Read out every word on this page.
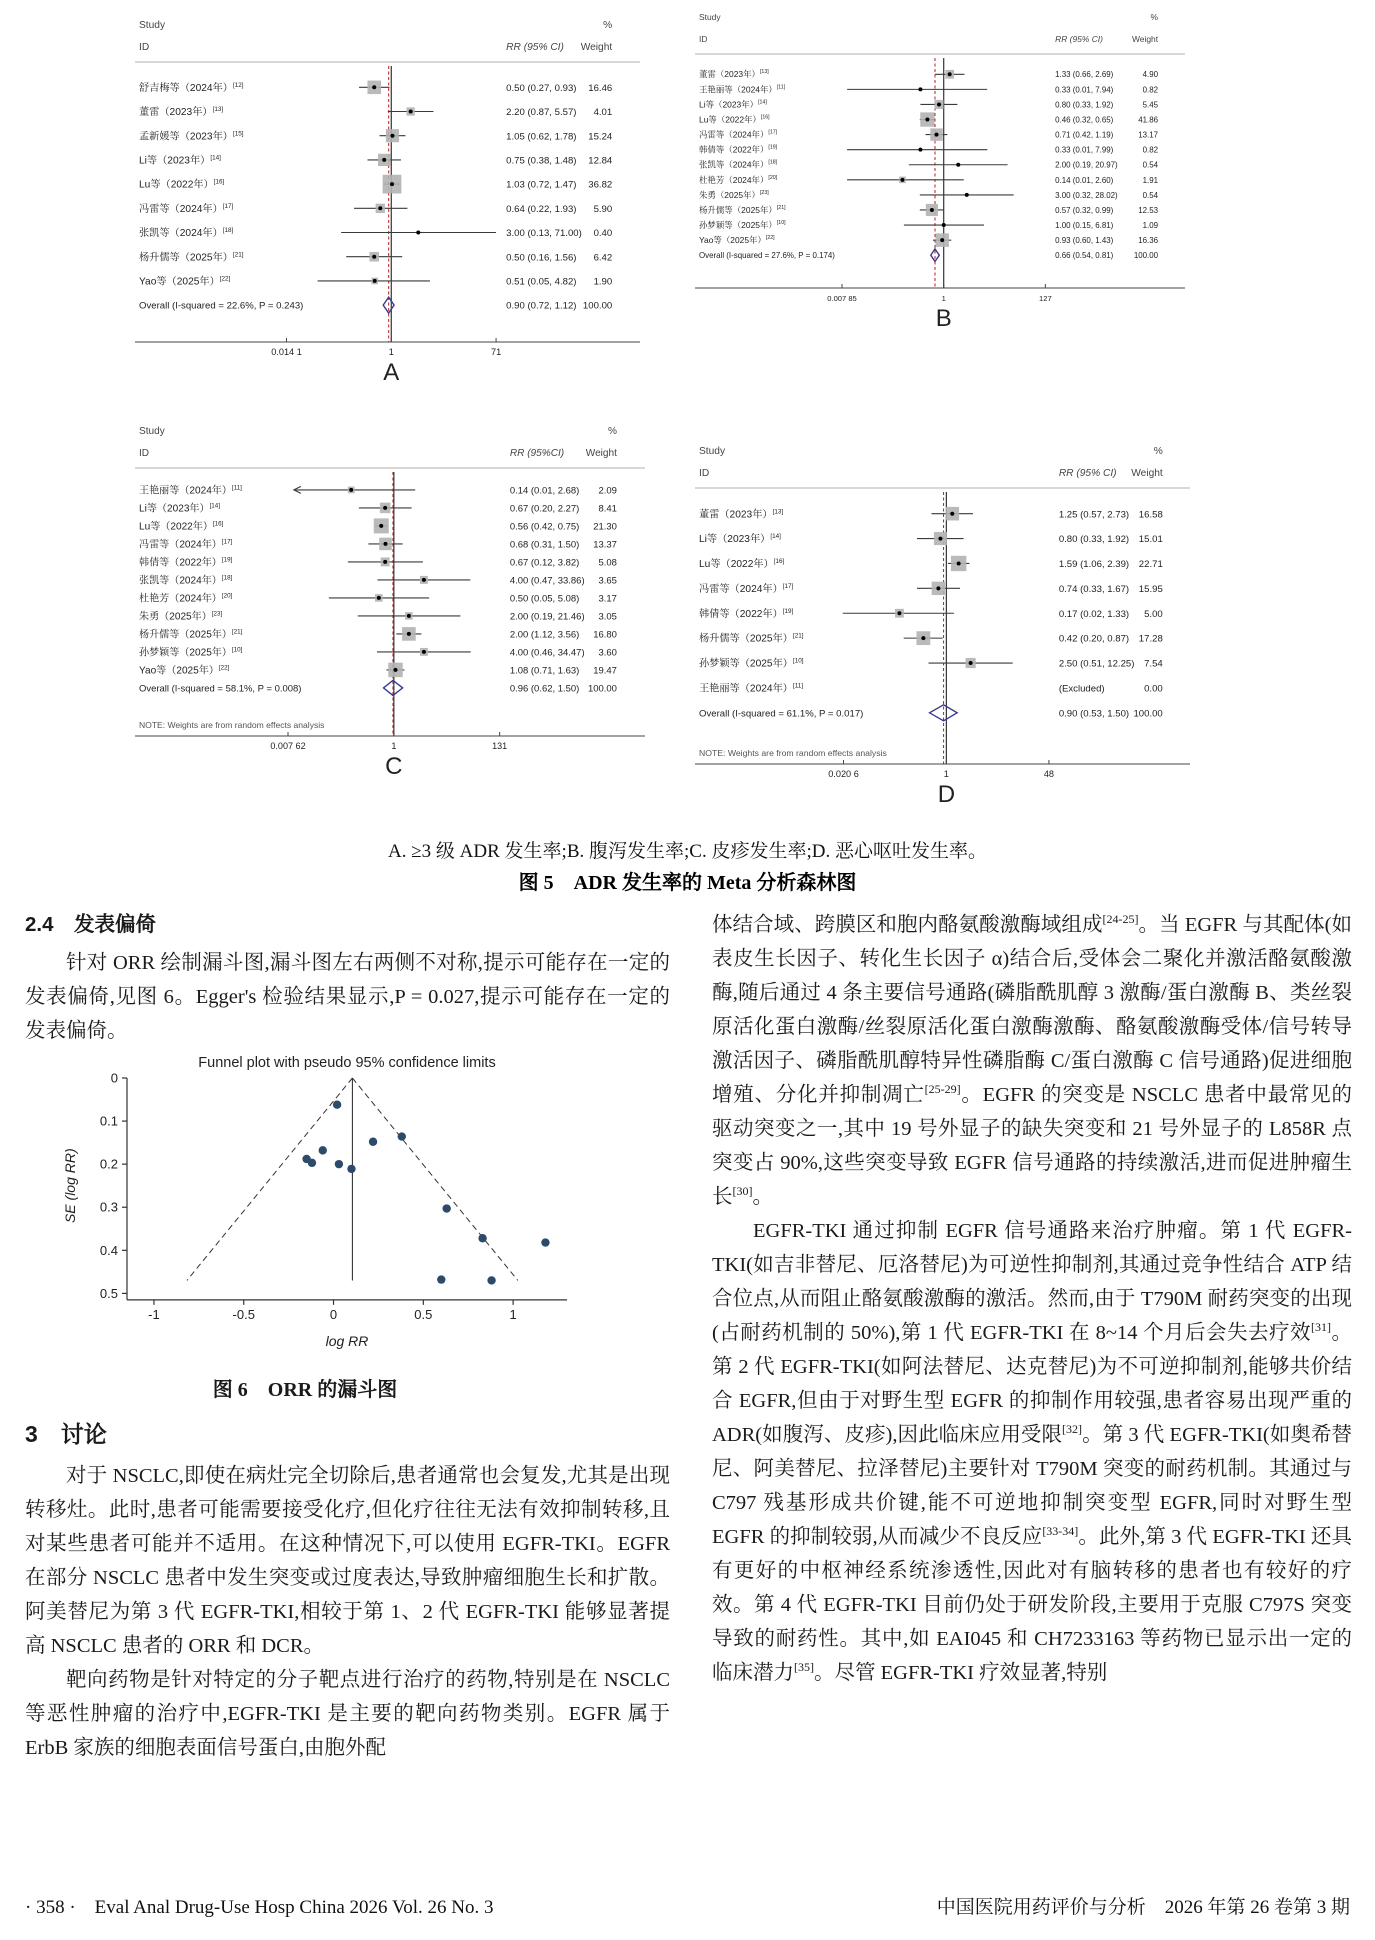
Study
ID	RR (95% CI)
%
Weight
舒吉梅等（2024年）[12]	0.50 (0.27, 0.93) 16.46
董雷（2023年）[13]	2.20 (0.87, 5.57) 4.01
孟新媛等（2023年）[15]	1.05 (0.62, 1.78) 15.24
Li等（2023年）[14]	0.75 (0.38, 1.48) 12.84
Lu等（2022年）[16]	1.03 (0.72, 1.47) 36.82
冯雷等（2024年）[17]	0.64 (0.22, 1.93) 5.90
张凯等（2024年）[18]	3.00 (0.13, 71.00) 0.40
杨升儒等（2025年）[21]	0.50 (0.16, 1.56) 6.42
Yao等（2025年）[22]	0.51 (0.05, 4.82) 1.90
Overall (I-squared = 22.6%, P = 0.243)	0.90 (0.72, 1.12) 100.00
0.014 1	1	71
A
Study
ID	RR (95% CI)
%
Weight
董雷（2023年）[13]	1.33 (0.66, 2.69)	4.90
王艳丽等（2024年）[11]	0.33 (0.01, 7.94)	0.82
Li等（2023年）[14]	0.80 (0.33, 1.92)	5.45
Lu等（2022年）[16]	0.46 (0.32, 0.65)	41.86
冯雷等（2024年）[17]	0.71 (0.42, 1.19)	13.17
韩倩等（2022年）[19]	0.33 (0.01, 7.99)	0.82
张凯等（2024年）[18]	2.00 (0.19, 20.97)	0.54
杜艳芳（2024年）[20]	0.14 (0.01, 2.60)	1.91
朱勇（2025年）[23]	3.00 (0.32, 28.02)	0.54
杨升儒等（2025年）[21]	0.57 (0.32, 0.99)	12.53
孙梦颖等（2025年）[10]	1.00 (0.15, 6.81)	1.09
Yao等（2025年）[22]	0.93 (0.60, 1.43)	16.36
Overall (I-squared = 27.6%, P = 0.174)	0.66 (0.54, 0.81)	100.00
0.007 85	1	127
B
Study
ID	RR (95%CI)
%
Weight
王艳丽等（2024年）[11]	0.14 (0.01, 2.68) 2.09
Li等（2023年）[14]	0.67 (0.20, 2.27) 8.41
Lu等（2022年）[16]	0.56 (0.42, 0.75) 21.30
冯雷等（2024年）[17]	0.68 (0.31, 1.50) 13.37
韩倩等（2022年）[19]	0.67 (0.12, 3.82) 5.08
张凯等（2024年）[18]	4.00 (0.47, 33.86) 3.65
杜艳芳（2024年）[20]	0.50 (0.05, 5.08) 3.17
朱勇（2025年）[23]	2.00 (0.19, 21.46) 3.05
杨升儒等（2025年）[21]	2.00 (1.12, 3.56) 16.80
孙梦颖等（2025年）[10]	4.00 (0.46, 34.47) 3.60
Yao等（2025年）[22]	1.08 (0.71, 1.63) 19.47
Overall (I-squared = 58.1%, P = 0.008)	0.96 (0.62, 1.50) 100.00
NOTE: Weights are from random effects analysis
0.007 62	1	131
C
Study
ID	RR (95% CI)
%
Weight
董雷（2023年）[13]	1.25 (0.57, 2.73) 16.58
Li等（2023年）[14]	0.80 (0.33, 1.92) 15.01
Lu等（2022年）[16]	1.59 (1.06, 2.39) 22.71
冯雷等（2024年）[17]	0.74 (0.33, 1.67) 15.95
韩倩等（2022年）[19]	0.17 (0.02, 1.33) 5.00
杨升儒等（2025年）[21]	0.42 (0.20, 0.87) 17.28
孙梦颖等（2025年）[10]	2.50 (0.51, 12.25) 7.54
王艳丽等（2024年）[11]	(Excluded)	0.00
Overall (I-squared = 61.1%, P = 0.017)	0.90 (0.53, 1.50) 100.00
NOTE: Weights are from random effects analysis
0.020 6	1	48
D
A. ≥3 级 ADR 发生率;B. 腹泻发生率;C. 皮疹发生率;D. 恶心呕吐发生率。
图 5　ADR 发生率的 Meta 分析森林图
2.4　发表偏倚

针对 ORR 绘制漏斗图,漏斗图左右两侧不对称,提示可能存在一定的发表偏倚,见图 6。Egger's 检验结果显示,P = 0.027,提示可能存在一定的发表偏倚。

Funnel plot with pseudo 95% confidence limits
0
0.1
0.2
0.3
0.4
0.5
-1	-0.5	0	0.5	1
log RR
SE (log RR)
图 6　ORR 的漏斗图
3　讨论

对于 NSCLC,即使在病灶完全切除后,患者通常也会复发,尤其是出现转移灶。此时,患者可能需要接受化疗,但化疗往往无法有效抑制转移,且对某些患者可能并不适用。在这种情况下,可以使用 EGFR-TKI。EGFR 在部分 NSCLC 患者中发生突变或过度表达,导致肿瘤细胞生长和扩散。阿美替尼为第 3 代 EGFR-TKI,相较于第 1、2 代 EGFR-TKI 能够显著提高 NSCLC 患者的 ORR 和 DCR。

靶向药物是针对特定的分子靶点进行治疗的药物,特别是在 NSCLC 等恶性肿瘤的治疗中,EGFR-TKI 是主要的靶向药物类别。EGFR 属于 ErbB 家族的细胞表面信号蛋白,由胞外配

体结合域、跨膜区和胞内酪氨酸激酶域组成[24-25]。当 EGFR 与其配体(如表皮生长因子、转化生长因子 α)结合后,受体会二聚化并激活酪氨酸激酶,随后通过 4 条主要信号通路(磷脂酰肌醇 3 激酶/蛋白激酶 B、类丝裂原活化蛋白激酶/丝裂原活化蛋白激酶激酶、酪氨酸激酶受体/信号转导激活因子、磷脂酰肌醇特异性磷脂酶 C/蛋白激酶 C 信号通路)促进细胞增殖、分化并抑制凋亡[25-29]。EGFR 的突变是 NSCLC 患者中最常见的驱动突变之一,其中 19 号外显子的缺失突变和 21 号外显子的 L858R 点突变占 90%,这些突变导致 EGFR 信号通路的持续激活,进而促进肿瘤生长[30]。

EGFR-TKI 通过抑制 EGFR 信号通路来治疗肿瘤。第 1 代 EGFR-TKI(如吉非替尼、厄洛替尼)为可逆性抑制剂,其通过竞争性结合 ATP 结合位点,从而阻止酪氨酸激酶的激活。然而,由于 T790M 耐药突变的出现(占耐药机制的 50%),第 1 代 EGFR-TKI 在 8~14 个月后会失去疗效[31]。第 2 代 EGFR-TKI(如阿法替尼、达克替尼)为不可逆抑制剂,能够共价结合 EGFR,但由于对野生型 EGFR 的抑制作用较强,患者容易出现严重的 ADR(如腹泻、皮疹),因此临床应用受限[32]。第 3 代 EGFR-TKI(如奥希替尼、阿美替尼、拉泽替尼)主要针对 T790M 突变的耐药机制。其通过与 C797 残基形成共价键,能不可逆地抑制突变型 EGFR,同时对野生型 EGFR 的抑制较弱,从而减少不良反应[33-34]。此外,第 3 代 EGFR-TKI 还具有更好的中枢神经系统渗透性,因此对有脑转移的患者也有较好的疗效。第 4 代 EGFR-TKI 目前仍处于研发阶段,主要用于克服 C797S 突变导致的耐药性。其中,如 EAI045 和 CH7233163 等药物已显示出一定的临床潜力[35]。尽管 EGFR-TKI 疗效显著,特别

· 358 ·　Eval Anal Drug-Use Hosp China 2026 Vol. 26 No. 3	中国医院用药评价与分析　2026 年第 26 卷第 3 期
